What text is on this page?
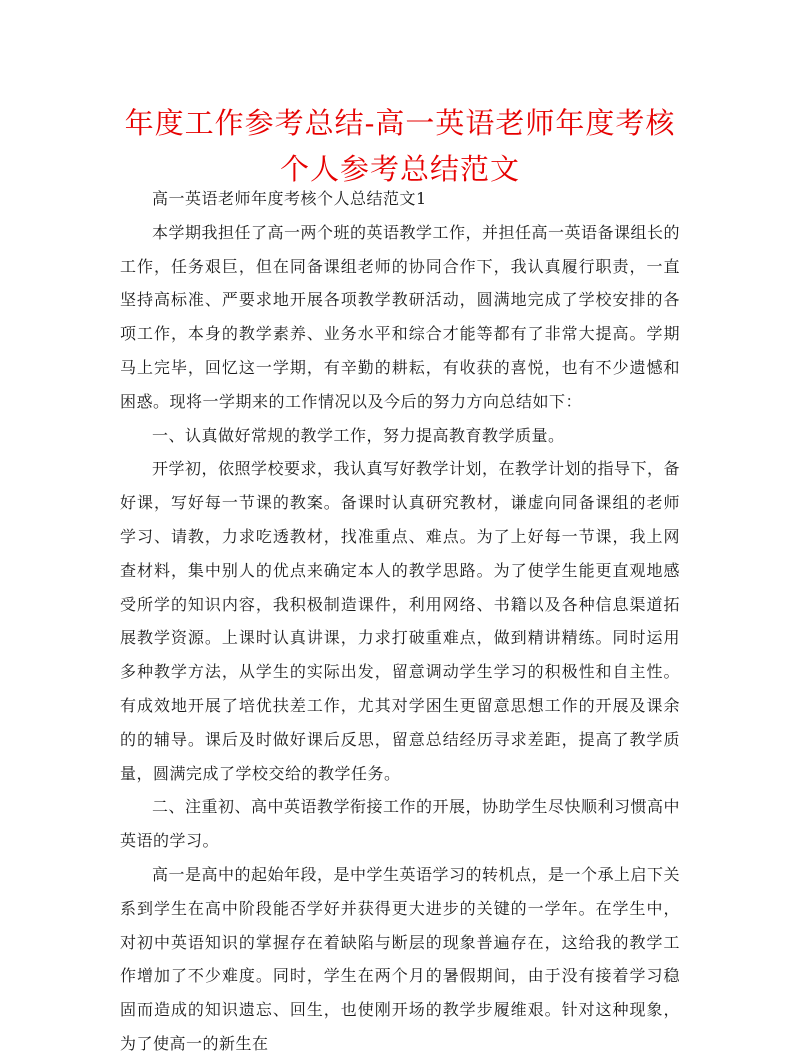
年度工作参考总结-高一英语老师年度考核个人参考总结范文

高一英语老师年度考核个人总结范文1

本学期我担任了高一两个班的英语教学工作，并担任高一英语备课组长的工作，任务艰巨，但在同备课组老师的协同合作下，我认真履行职责，一直坚持高标准、严要求地开展各项教学教研活动，圆满地完成了学校安排的各项工作，本身的教学素养、业务水平和综合才能等都有了非常大提高。学期马上完毕，回忆这一学期，有辛勤的耕耘，有收获的喜悦，也有不少遗憾和困惑。现将一学期来的工作情况以及今后的努力方向总结如下：

一、认真做好常规的教学工作，努力提高教育教学质量。

开学初，依照学校要求，我认真写好教学计划，在教学计划的指导下，备好课，写好每一节课的教案。备课时认真研究教材，谦虚向同备课组的老师学习、请教，力求吃透教材，找准重点、难点。为了上好每一节课，我上网查材料，集中别人的优点来确定本人的教学思路。为了使学生能更直观地感受所学的知识内容，我积极制造课件，利用网络、书籍以及各种信息渠道拓展教学资源。上课时认真讲课，力求打破重难点，做到精讲精练。同时运用多种教学方法，从学生的实际出发，留意调动学生学习的积极性和自主性。有成效地开展了培优扶差工作，尤其对学困生更留意思想工作的开展及课余的的辅导。课后及时做好课后反思，留意总结经历寻求差距，提高了教学质量，圆满完成了学校交给的教学任务。

二、注重初、高中英语教学衔接工作的开展，协助学生尽快顺利习惯高中英语的学习。

高一是高中的起始年段，是中学生英语学习的转机点，是一个承上启下关系到学生在高中阶段能否学好并获得更大进步的关键的一学年。在学生中，对初中英语知识的掌握存在着缺陷与断层的现象普遍存在，这给我的教学工作增加了不少难度。同时，学生在两个月的暑假期间，由于没有接着学习稳固而造成的知识遗忘、回生，也使刚开场的教学步履维艰。针对这种现象，为了使高一的新生在
